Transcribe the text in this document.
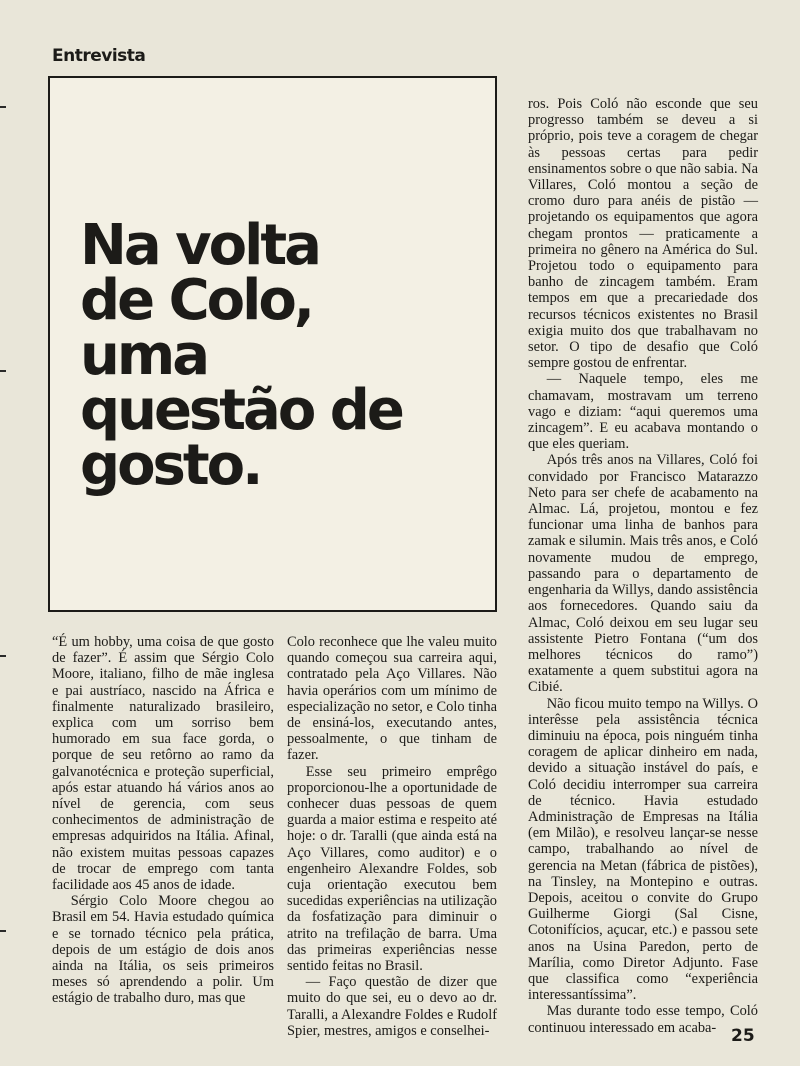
Entrevista
Na volta
de Colo,
uma
questão de
gosto.

“É um hobby, uma coisa de que gosto de fazer”. É assim que Sérgio Colo Moore, italiano, filho de mãe inglesa e pai austríaco, nascido na África e finalmente naturalizado brasileiro, explica com um sorriso bem humorado em sua face gorda, o porque de seu retôrno ao ramo da galvanotécnica e proteção superficial, após estar atuando há vários anos ao nível de gerencia, com seus conhecimentos de administração de empresas adquiridos na Itália. Afinal, não existem muitas pessoas capazes de trocar de emprego com tanta facilidade aos 45 anos de idade.

Sérgio Colo Moore chegou ao Brasil em 54. Havia estudado química e se tornado técnico pela prática, depois de um estágio de dois anos ainda na Itália, os seis primeiros meses só aprendendo a polir. Um estágio de trabalho duro, mas que

Colo reconhece que lhe valeu muito quando começou sua carreira aqui, contratado pela Aço Villares. Não havia operários com um mínimo de especialização no setor, e Colo tinha de ensiná-los, executando antes, pessoalmente, o que tinham de fazer.

Esse seu primeiro emprêgo proporcionou-lhe a oportunidade de conhecer duas pessoas de quem guarda a maior estima e respeito até hoje: o dr. Taralli (que ainda está na Aço Villares, como auditor) e o engenheiro Alexandre Foldes, sob cuja orientação executou bem sucedidas experiências na utilização da fosfatização para diminuir o atrito na trefilação de barra. Uma das primeiras experiências nesse sentido feitas no Brasil.

— Faço questão de dizer que muito do que sei, eu o devo ao dr. Taralli, a Alexandre Foldes e Rudolf Spier, mestres, amigos e conselhei-

ros. Pois Coló não esconde que seu progresso também se deveu a si próprio, pois teve a coragem de chegar às pessoas certas para pedir ensinamentos sobre o que não sabia. Na Villares, Coló montou a seção de cromo duro para anéis de pistão — projetando os equipamentos que agora chegam prontos — praticamente a primeira no gênero na América do Sul. Projetou todo o equipamento para banho de zincagem também. Eram tempos em que a precariedade dos recursos técnicos existentes no Brasil exigia muito dos que trabalhavam no setor. O tipo de desafio que Coló sempre gostou de enfrentar.

— Naquele tempo, eles me chamavam, mostravam um terreno vago e diziam: “aqui queremos uma zincagem”. E eu acabava montando o que eles queriam.

Após três anos na Villares, Coló foi convidado por Francisco Matarazzo Neto para ser chefe de acabamento na Almac. Lá, projetou, montou e fez funcionar uma linha de banhos para zamak e silumin. Mais três anos, e Coló novamente mudou de emprego, passando para o departamento de engenharia da Willys, dando assistência aos fornecedores. Quando saiu da Almac, Coló deixou em seu lugar seu assistente Pietro Fontana (“um dos melhores técnicos do ramo”) exatamente a quem substitui agora na Cibié.

Não ficou muito tempo na Willys. O interêsse pela assistência técnica diminuiu na época, pois ninguém tinha coragem de aplicar dinheiro em nada, devido a situação instável do país, e Coló decidiu interromper sua carreira de técnico. Havia estudado Administração de Empresas na Itália (em Milão), e resolveu lançar-se nesse campo, trabalhando ao nível de gerencia na Metan (fábrica de pistões), na Tinsley, na Montepino e outras. Depois, aceitou o convite do Grupo Guilherme Giorgi (Sal Cisne, Cotonifícios, açucar, etc.) e passou sete anos na Usina Paredon, perto de Marília, como Diretor Adjunto. Fase que classifica como “experiência interessantíssima”.

Mas durante todo esse tempo, Coló continuou interessado em acaba- 25
